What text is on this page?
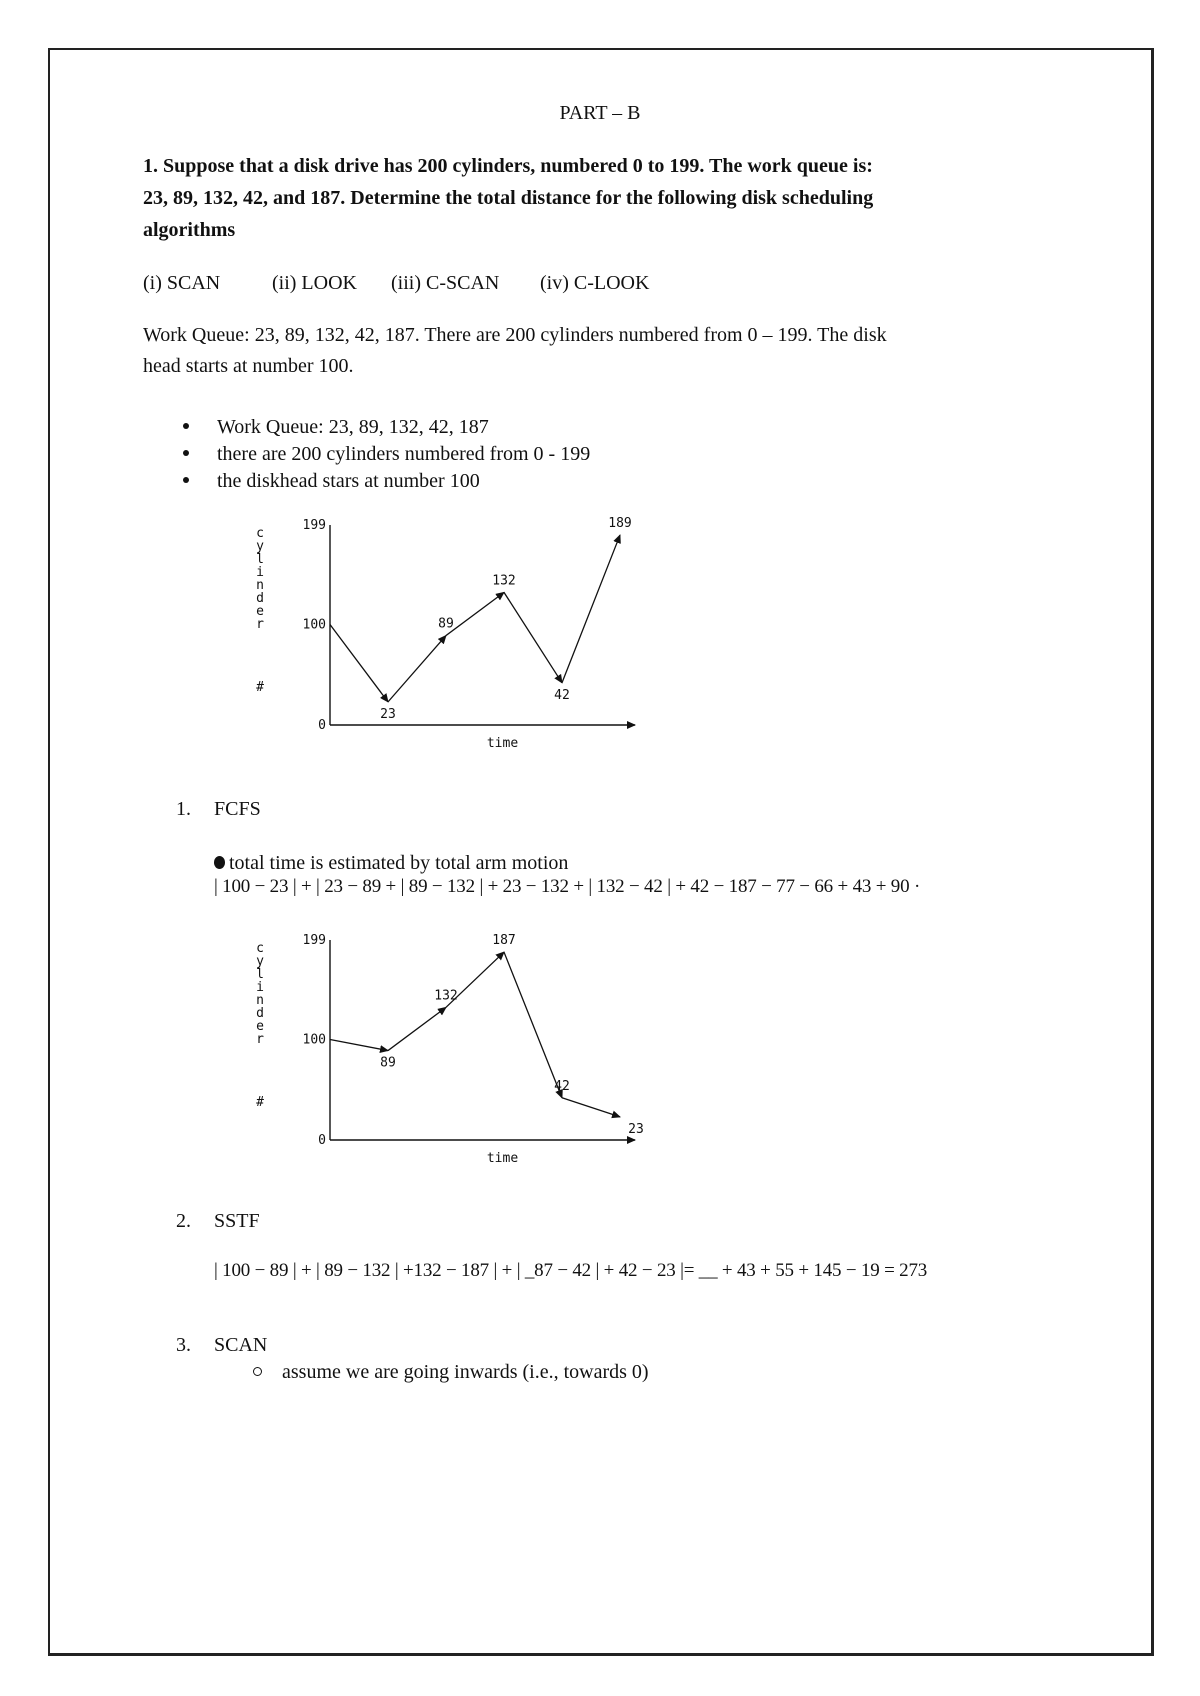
PART – B
1. Suppose that a disk drive has 200 cylinders, numbered 0 to 199. The work queue is:
23, 89, 132, 42, and 187. Determine the total distance for the following disk scheduling
algorithms
(i) SCAN	(ii) LOOK (iii) C-SCAN (iv) C-LOOK
Work Queue: 23, 89, 132, 42, 187. There are 200 cylinders numbered from 0 – 199. The disk
head starts at number 100.
Work Queue: 23, 89, 132, 42, 187
there are 200 cylinders numbered from 0 - 199
the diskhead stars at number 100
0
100
199
c
y
l
i
n
d
e
r
#
time
23
89
132
42
189
1. FCFS
total time is estimated by total arm motion
| 100 − 23 | + | 23 − 89 + | 89 − 132 | + 23 − 132 + | 132 − 42 | + 42 − 187 − 77 − 66 + 43 + 90 ·
0
100
199
c
y
l
i
n
d
e
r
#
time
89
132
187
42
23
2. SSTF
| 100 − 89 | + | 89 − 132 | +132 − 187 | + | _87 − 42 | + 42 − 23 |= __ + 43 + 55 + 145 − 19 = 273
3. SCAN
assume we are going inwards (i.e., towards 0)
